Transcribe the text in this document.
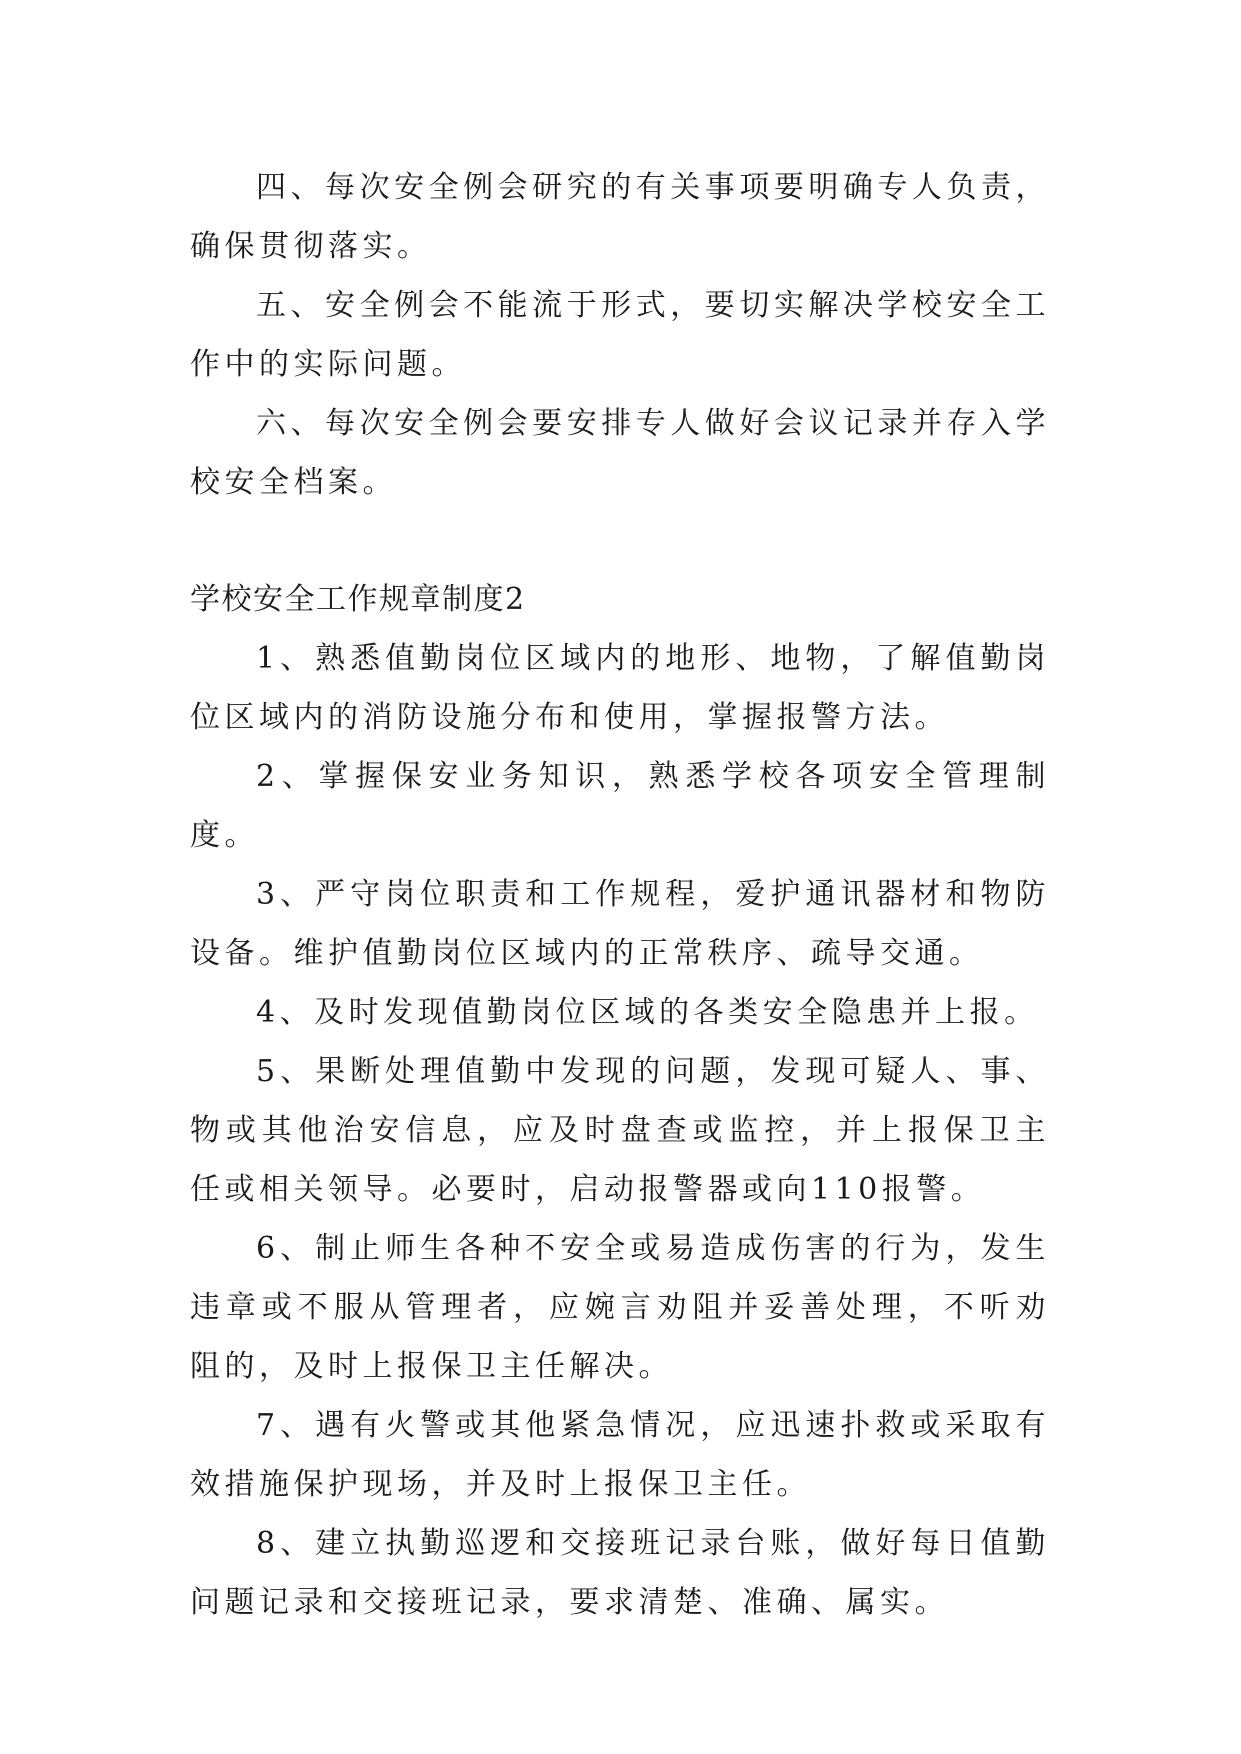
四、每次安全例会研究的有关事项要明确专人负责，确保贯彻落实。

五、安全例会不能流于形式，要切实解决学校安全工作中的实际问题。

六、每次安全例会要安排专人做好会议记录并存入学校安全档案。

学校安全工作规章制度2

1、熟悉值勤岗位区域内的地形、地物，了解值勤岗位区域内的消防设施分布和使用，掌握报警方法。

2、掌握保安业务知识，熟悉学校各项安全管理制度。

3、严守岗位职责和工作规程，爱护通讯器材和物防设备。维护值勤岗位区域内的正常秩序、疏导交通。

4、及时发现值勤岗位区域的各类安全隐患并上报。

5、果断处理值勤中发现的问题，发现可疑人、事、物或其他治安信息，应及时盘查或监控，并上报保卫主任或相关领导。必要时，启动报警器或向110报警。

6、制止师生各种不安全或易造成伤害的行为，发生违章或不服从管理者，应婉言劝阻并妥善处理，不听劝阻的，及时上报保卫主任解决。

7、遇有火警或其他紧急情况，应迅速扑救或采取有效措施保护现场，并及时上报保卫主任。

8、建立执勤巡逻和交接班记录台账，做好每日值勤问题记录和交接班记录，要求清楚、准确、属实。
